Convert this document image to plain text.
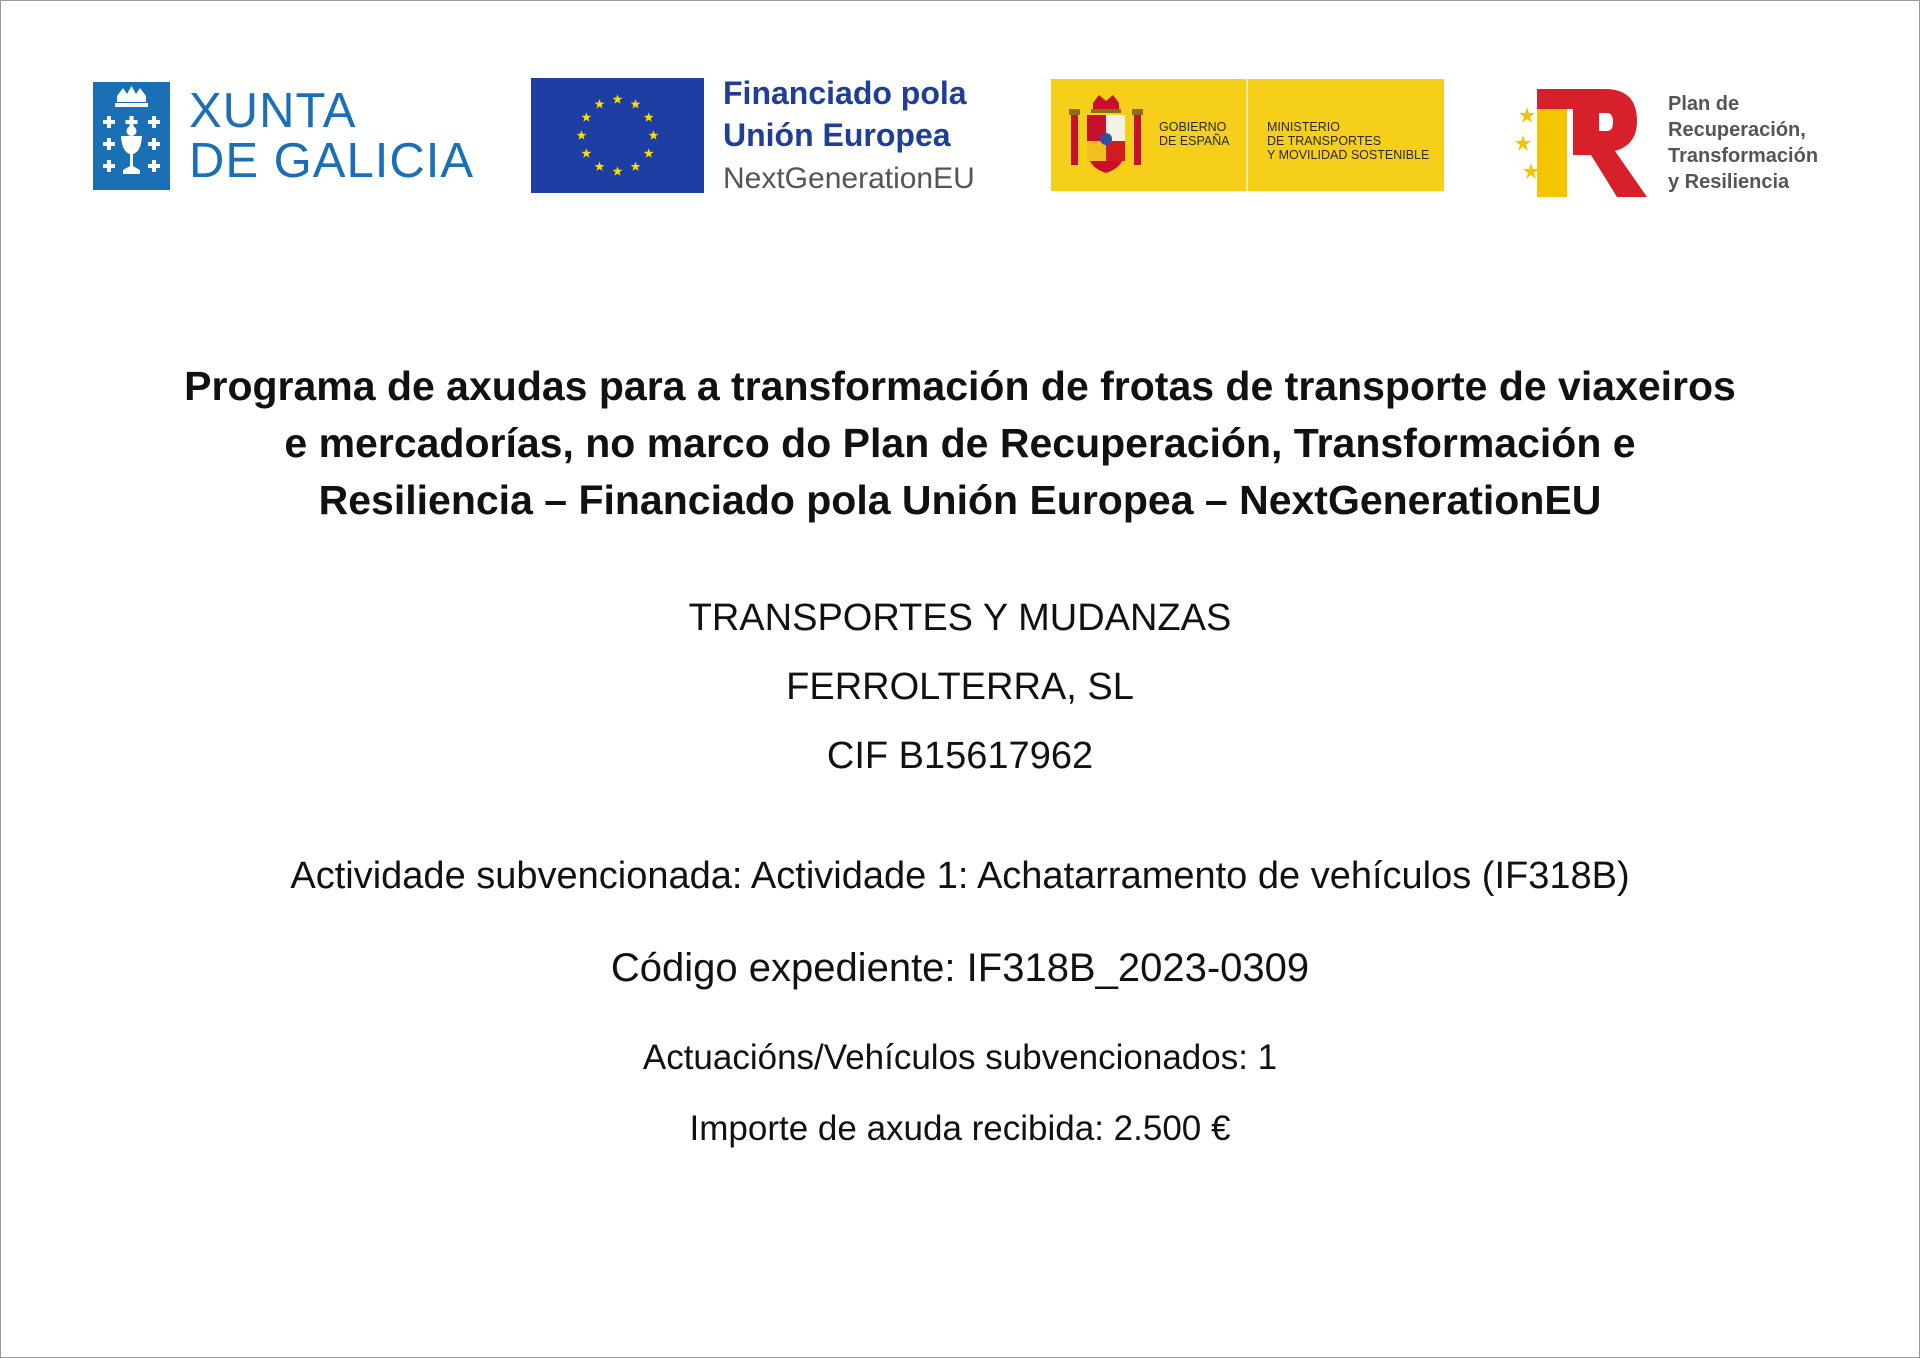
XUNTA
DE GALICIA
Financiado pola
Unión Europea
NextGenerationEU
GOBIERNO
DE ESPAÑA
MINISTERIO
DE TRANSPORTES
Y MOVILIDAD SOSTENIBLE
Plan de
Recuperación,
Transformación
y Resiliencia
Programa de axudas para a transformación de frotas de transporte de viaxeiros
e mercadorías, no marco do Plan de Recuperación, Transformación e
Resiliencia – Financiado pola Unión Europea – NextGenerationEU
TRANSPORTES Y MUDANZAS
FERROLTERRA, SL
CIF B15617962
Actividade subvencionada: Actividade 1: Achatarramento de vehículos (IF318B)
Código expediente: IF318B_2023-0309
Actuacións/Vehículos subvencionados: 1
Importe de axuda recibida: 2.500 €
